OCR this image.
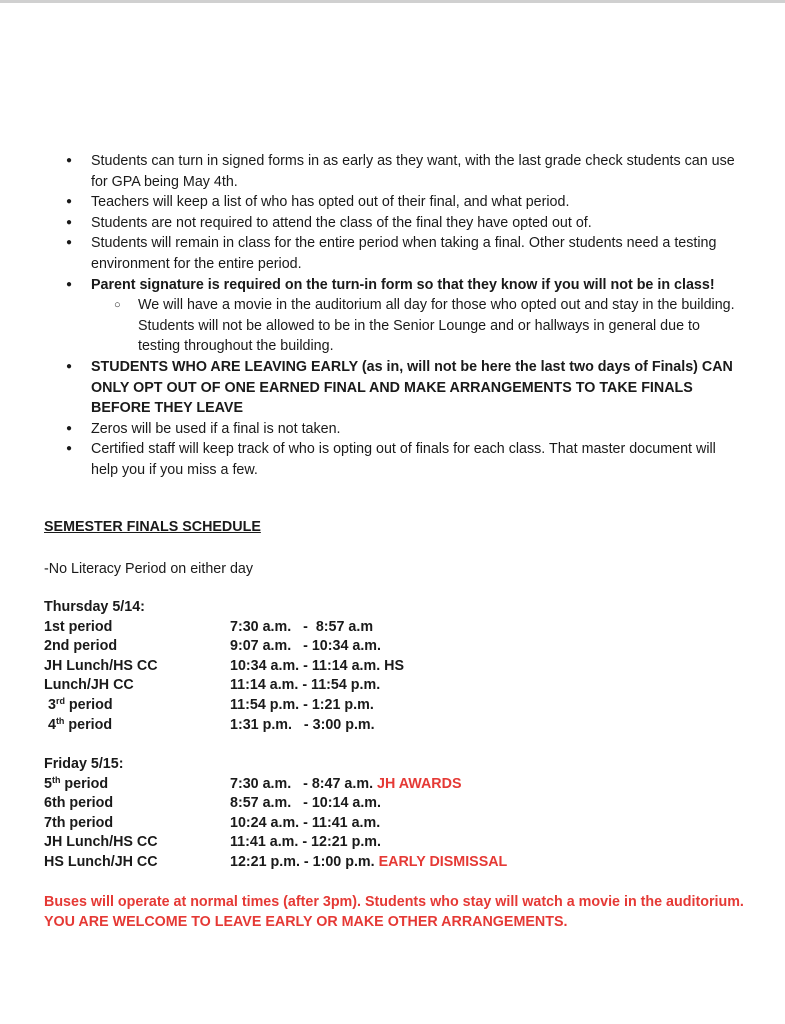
● Students can turn in signed forms in as early as they want, with the last grade check students can use for GPA being May 4th.

● Teachers will keep a list of who has opted out of their final, and what period.

● Students are not required to attend the class of the final they have opted out of.

● Students will remain in class for the entire period when taking a final. Other students need a testing environment for the entire period.

● Parent signature is required on the turn-in form so that they know if you will not be in class!

○ We will have a movie in the auditorium all day for those who opted out and stay in the building. Students will not be allowed to be in the Senior Lounge and or hallways in general due to testing throughout the building.

● STUDENTS WHO ARE LEAVING EARLY (as in, will not be here the last two days of Finals) CAN ONLY OPT OUT OF ONE EARNED FINAL AND MAKE ARRANGEMENTS TO TAKE FINALS BEFORE THEY LEAVE

● Zeros will be used if a final is not taken.

● Certified staff will keep track of who is opting out of finals for each class. That master document will help you if you miss a few.

SEMESTER FINALS SCHEDULE
-No Literacy Period on either day
Thursday 5/14:
1st period	7:30 a.m.   -  8:57 a.m
2nd period	9:07 a.m.   - 10:34 a.m.
JH Lunch/HS CC	10:34 a.m. - 11:14 a.m. HS
Lunch/JH CC	11:14 a.m. - 11:54 p.m.
3rd period	11:54 p.m. - 1:21 p.m.
4th period	1:31 p.m.   - 3:00 p.m.
Friday 5/15:
5th period	7:30 a.m.   - 8:47 a.m. JH AWARDS
6th period	8:57 a.m.   - 10:14 a.m.
7th period	10:24 a.m. - 11:41 a.m.
JH Lunch/HS CC	11:41 a.m. - 12:21 p.m.
HS Lunch/JH CC	12:21 p.m. - 1:00 p.m. EARLY DISMISSAL
Buses will operate at normal times (after 3pm). Students who stay will watch a movie in the auditorium. YOU ARE WELCOME TO LEAVE EARLY OR MAKE OTHER ARRANGEMENTS.
